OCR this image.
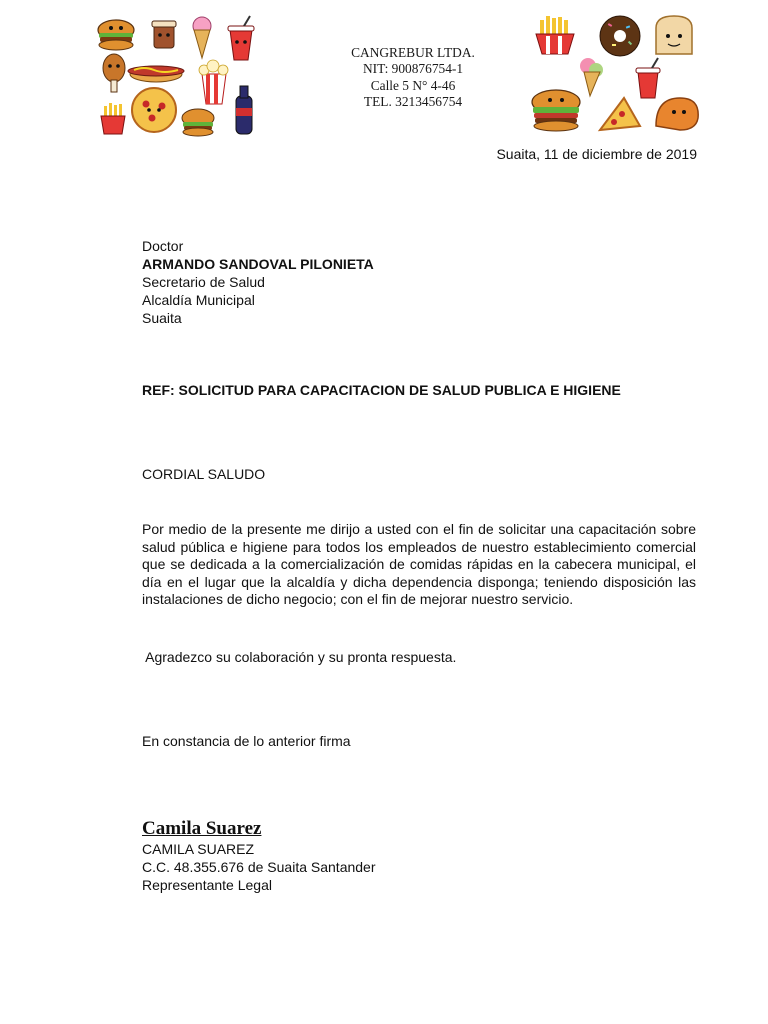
CANGREBUR LTDA.
NIT: 900876754-1
Calle 5 N° 4-46
TEL. 3213456754
Suaita, 11 de diciembre de 2019
Doctor
ARMANDO SANDOVAL PILONIETA
Secretario de Salud
Alcaldía Municipal
Suaita
REF: SOLICITUD PARA CAPACITACION DE SALUD PUBLICA E HIGIENE
CORDIAL SALUDO
Por medio de la presente me dirijo a usted con el fin de solicitar una capacitación sobre salud pública e higiene para todos los empleados de nuestro establecimiento comercial que se dedicada a la comercialización de comidas rápidas en la cabecera municipal, el día en el lugar que la alcaldía y dicha dependencia disponga; teniendo disposición las instalaciones de dicho negocio; con el fin de mejorar nuestro servicio.
Agradezco su colaboración y su pronta respuesta.
En constancia de lo anterior firma
Camila Suarez
CAMILA SUAREZ
C.C. 48.355.676 de Suaita Santander
Representante Legal
